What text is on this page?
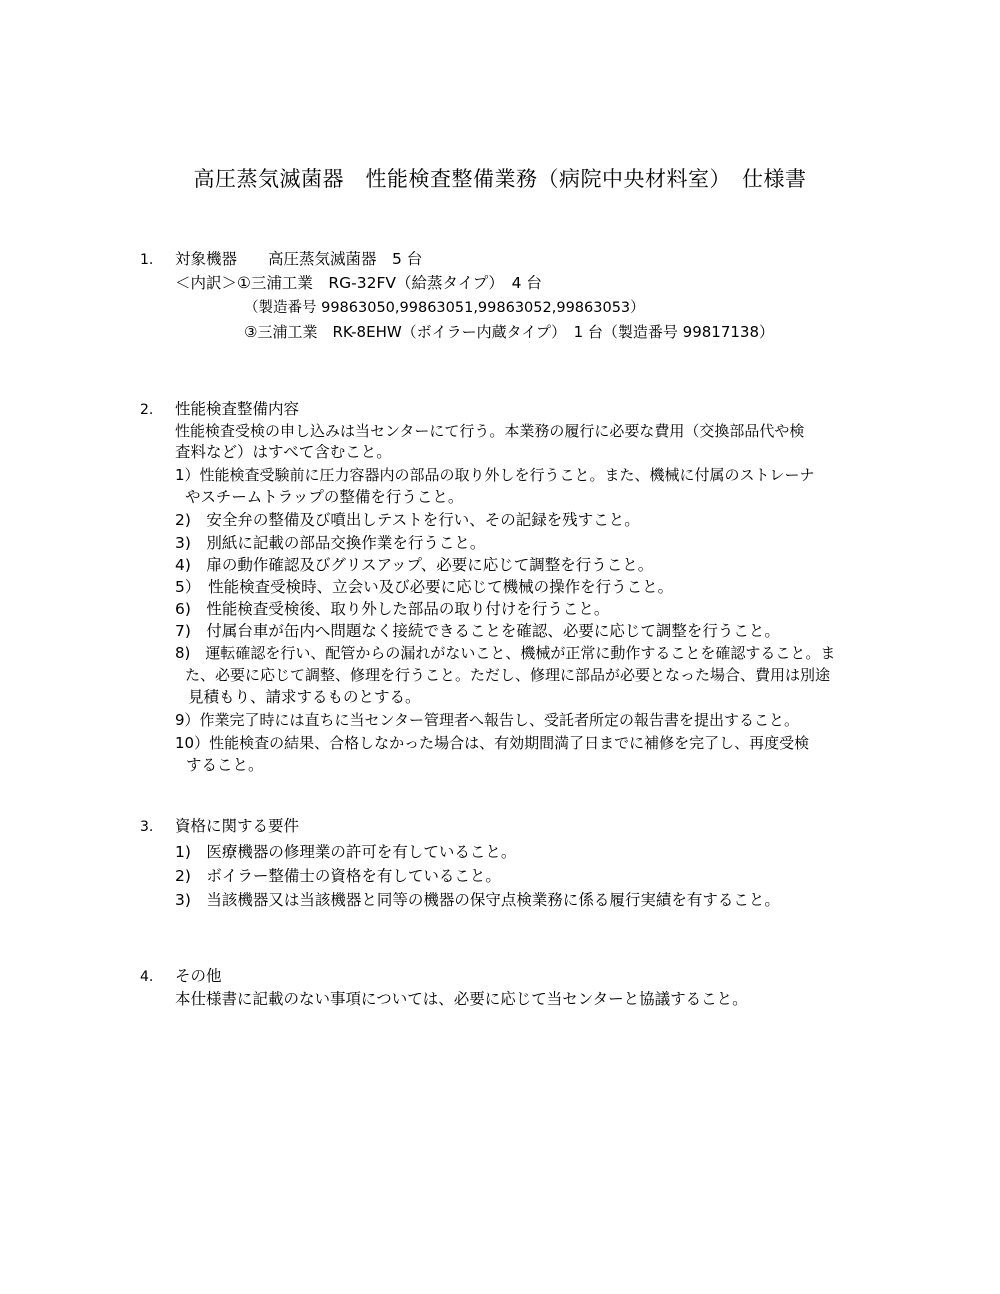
高圧蒸気滅菌器　性能検査整備業務（病院中央材料室）　仕様書
1. 対象機器　　高圧蒸気滅菌器　5 台
＜内訳＞①三浦工業　RG-32FV（給蒸タイプ）　4 台
（製造番号 99863050,99863051,99863052,99863053）
③三浦工業　RK-8EHW（ボイラー内蔵タイプ）　1 台（製造番号 99817138）
2. 性能検査整備内容
性能検査受検の申し込みは当センターにて行う。本業務の履行に必要な費用（交換部品代や検
査料など）はすべて含むこと。
1）性能検査受験前に圧力容器内の部品の取り外しを行うこと。また、機械に付属のストレーナ
やスチームトラップの整備を行うこと。
2)　安全弁の整備及び噴出しテストを行い、その記録を残すこと。
3)　別紙に記載の部品交換作業を行うこと。
4)　扉の動作確認及びグリスアップ、必要に応じて調整を行うこと。
5）　性能検査受検時、立会い及び必要に応じて機械の操作を行うこと。
6)　性能検査受検後、取り外した部品の取り付けを行うこと。
7)　付属台車が缶内へ問題なく接続できることを確認、必要に応じて調整を行うこと。
8)　運転確認を行い、配管からの漏れがないこと、機械が正常に動作することを確認すること。ま
た、必要に応じて調整、修理を行うこと。ただし、修理に部品が必要となった場合、費用は別途
見積もり、請求するものとする。
9）作業完了時には直ちに当センター管理者へ報告し、受託者所定の報告書を提出すること。
10）性能検査の結果、合格しなかった場合は、有効期間満了日までに補修を完了し、再度受検
すること。
3. 資格に関する要件
1)　医療機器の修理業の許可を有していること。
2)　ボイラー整備士の資格を有していること。
3)　当該機器又は当該機器と同等の機器の保守点検業務に係る履行実績を有すること。
4. その他
本仕様書に記載のない事項については、必要に応じて当センターと協議すること。
